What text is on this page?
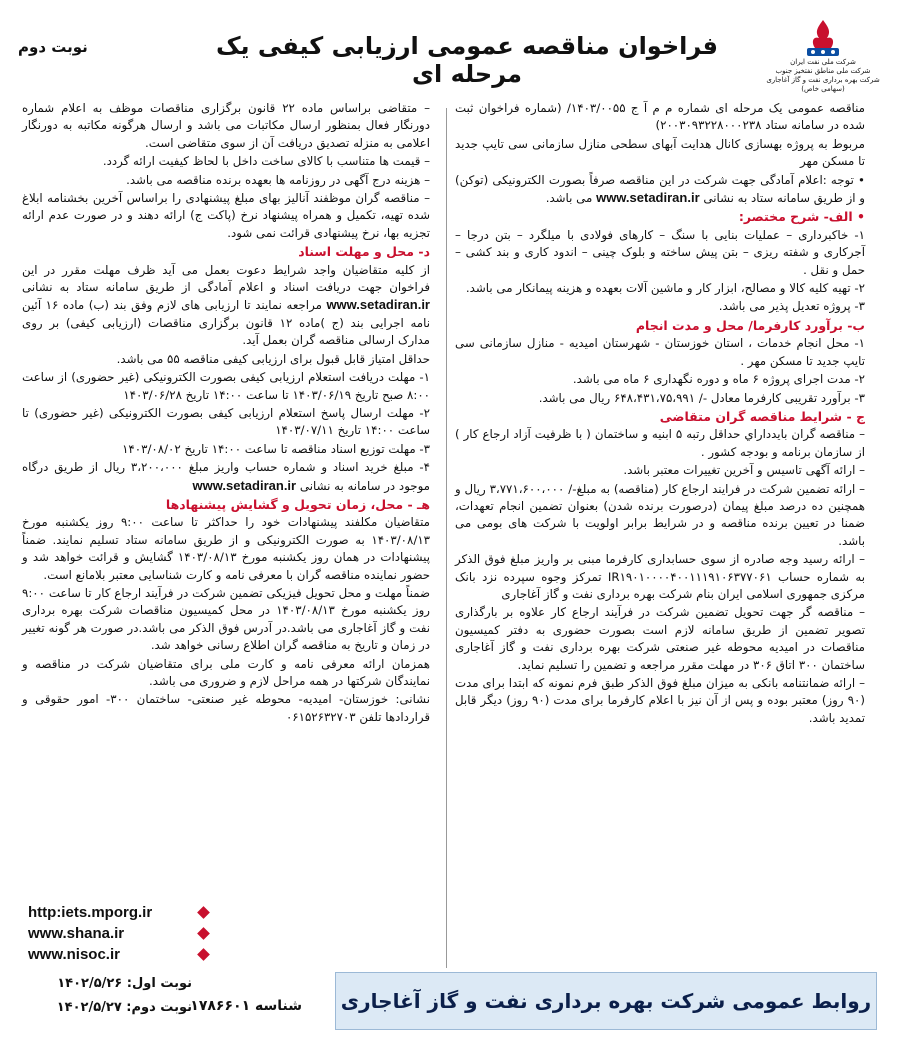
شرکت ملی نفت ایران
شرکت ملی مناطق نفتخیز جنوب
شرکت بهره برداری نفت و گاز آغاجاری (سهامی خاص)
فراخوان مناقصه عمومی ارزیابی کیفی یک مرحله ای
نوبت دوم

مناقصه عمومی یک مرحله ای شماره م م آ ج ۱۴۰۳/۰۰۵۵/ (شماره فراخوان ثبت شده در سامانه ستاد ۲۰۰۳۰۹۳۲۲۸۰۰۰۲۳۸)

مربوط به پروژه بهسازی کانال هدایت آبهای سطحی منازل سازمانی سی تایپ جدید تا مسکن مهر

• توجه :اعلام آمادگی جهت شرکت در این مناقصه صرفاً بصورت الکترونیکی (توکن) و از طریق سامانه ستاد به نشانی www.setadiran.ir می باشد.

• الف- شرح مختصر:

۱- خاکبرداری – عملیات بنایی با سنگ – کارهای فولادی با میلگرد – بتن درجا – آجرکاری و شفته ریزی – بتن پیش ساخته و بلوک چینی – اندود کاری و بند کشی – حمل و نقل .

۲- تهیه کلیه کالا و مصالح، ابزار کار و ماشین آلات بعهده و هزینه پیمانکار می باشد.

۳- پروژه تعدیل پذیر می باشد.

ب- برآورد کارفرما/ محل و مدت انجام

۱- محل انجام خدمات ، استان خوزستان - شهرستان امیدیه - منازل سازمانی سی تایپ جدید تا مسکن مهر .

۲- مدت اجرای پروژه ۶ ماه و دوره نگهداری ۶ ماه می باشد.

۳- برآورد تقریبی کارفرما معادل -/ ۶۴۸،۴۳۱،۷۵،۹۹۱ ریال می باشد.

ج - شرایط مناقصه گران متقاضی

– مناقصه گران بایدداراي حداقل رتبه ۵ ابنیه و ساختمان ( با ظرفیت آزاد ارجاع کار ) از سازمان برنامه و بودجه کشور .

– ارائه آگهی تاسیس و آخرین تغییرات معتبر باشد.

– ارائه تضمین شرکت در فرایند ارجاع کار (مناقصه) به مبلغ-/ ۳،۷۷۱،۶۰۰،۰۰۰ ریال و همچنین ده درصد مبلغ پیمان (درصورت برنده شدن) بعنوان تضمین انجام تعهدات، ضمنا در تعیین برنده مناقصه و در شرایط برابر اولویت با شرکت های بومی می باشد.

– ارائه رسید وجه صادره از سوی حسابداری کارفرما مبنی بر واریز مبلغ فوق الذکر به شماره حساب IR۱۹۰۱۰۰۰۰۴۰۰۱۱۱۹۱۰۶۳۷۷۰۶۱ تمرکز وجوه سپرده نزد بانک مرکزی جمهوری اسلامی ایران بنام شرکت بهره برداری نفت و گاز آغاجاری

– مناقصه گر جهت تحویل تضمین شرکت در فرآیند ارجاع کار علاوه بر بارگذاری تصویر تضمین از طریق سامانه لازم است بصورت حضوری به دفتر کمیسیون مناقصات در امیدیه محوطه غیر صنعتی شرکت بهره برداری نفت و گاز آغاجاری ساختمان ۳۰۰ اتاق ۳۰۶ در مهلت مقرر مراجعه و تضمین را تسلیم نماید.

– ارائه ضمانتنامه بانکی به میزان مبلغ فوق الذکر طبق فرم نمونه که ابتدا برای مدت (۹۰ روز) معتبر بوده و پس از آن نیز با اعلام کارفرما برای مدت (۹۰ روز) دیگر قابل تمدید باشد.

– متقاضی براساس ماده ۲۲ قانون برگزاری مناقصات موظف به اعلام شماره دورنگار فعال بمنظور ارسال مکاتبات می باشد و ارسال هرگونه مکاتبه به دورنگار اعلامی به منزله تصدیق دریافت آن از سوی متقاضی است.

– قیمت ها متناسب با کالای ساخت داخل با لحاظ کیفیت ارائه گردد.

– هزینه درج آگهی در روزنامه ها بعهده برنده مناقصه می باشد.

– مناقصه گران موظفند آنالیز بهای مبلغ پیشنهادی را براساس آخرین بخشنامه ابلاغ شده تهیه، تکمیل و همراه پیشنهاد نرخ (پاکت ج) ارائه دهند و در صورت عدم ارائه تجزیه بها، نرخ پیشنهادی قرائت نمی شود.

د- محل و مهلت اسناد

از کلیه متقاضیان واجد شرایط دعوت بعمل می آید ظرف مهلت مقرر در این فراخوان جهت دریافت اسناد و اعلام آمادگی از طریق سامانه ستاد به نشانی www.setadiran.ir مراجعه نمایند تا ارزیابی های لازم وفق بند (ب) ماده ۱۶ آئین نامه اجرایی بند (ج )ماده ۱۲ قانون برگزاری مناقصات (ارزیابی کیفی) بر روی مدارک ارسالی مناقصه گران بعمل آید.

حداقل امتیاز قابل قبول برای ارزیابی کیفی مناقصه ۵۵ می باشد.

۱- مهلت دریافت استعلام ارزیابی کیفی بصورت الکترونیکی (غیر حضوری) از ساعت ۸:۰۰ صبح تاریخ ۱۴۰۳/۰۶/۱۹ تا ساعت ۱۴:۰۰ تاریخ ۱۴۰۳/۰۶/۲۸

۲- مهلت ارسال پاسخ استعلام ارزیابی کیفی بصورت الکترونیکی (غیر حضوری) تا ساعت ۱۴:۰۰ تاریخ ۱۴۰۳/۰۷/۱۱

۳- مهلت توزیع اسناد مناقصه تا ساعت ۱۴:۰۰ تاریخ ۱۴۰۳/۰۸/۰۲

۴- مبلغ خرید اسناد و شماره حساب واریز مبلغ ۳،۲۰۰،۰۰۰ ریال از طریق درگاه موجود در سامانه به نشانی www.setadiran.ir

هـ - محل، زمان تحویل و گشایش پیشنهادها

متقاضیان مکلفند پیشنهادات خود را حداکثر تا ساعت ۹:۰۰ روز یکشنبه مورخ ۱۴۰۳/۰۸/۱۳ به صورت الکترونیکی و از طریق سامانه ستاد تسلیم نمایند. ضمناً پیشنهادات در همان روز یکشنبه مورخ ۱۴۰۳/۰۸/۱۳ گشایش و قرائت خواهد شد و حضور نماینده مناقصه گران با معرفی نامه و کارت شناسایی معتبر بلامانع است.

ضمناً مهلت و محل تحویل فیزیکی تضمین شرکت در فرآیند ارجاع کار تا ساعت ۹:۰۰ روز یکشنبه مورخ ۱۴۰۳/۰۸/۱۳ در محل کمیسیون مناقصات شرکت بهره برداری نفت و گاز آغاجاری می باشد.در آدرس فوق الذکر می باشد.در صورت هر گونه تغییر در زمان و تاریخ به مناقصه گران اطلاع رسانی خواهد شد.

همزمان ارائه معرفی نامه و کارت ملی برای متقاضیان شرکت در مناقصه و نمایندگان شرکتها در همه مراحل لازم و ضروری می باشد.

نشانی: خوزستان- امیدیه- محوطه غیر صنعتی- ساختمان ۳۰۰- امور حقوقی و قراردادها تلفن ۰۶۱۵۲۶۳۲۷۰۳

http:iets.mporg.ir
www.shana.ir
www.nisoc.ir
نوبت اول: ۱۴۰۲/۵/۲۶
نوبت دوم: ۱۴۰۲/۵/۲۷
شناسه ۱۷۸۶۶۰۱ روابط عمومی شرکت بهره برداری نفت و گاز آغاجاری
